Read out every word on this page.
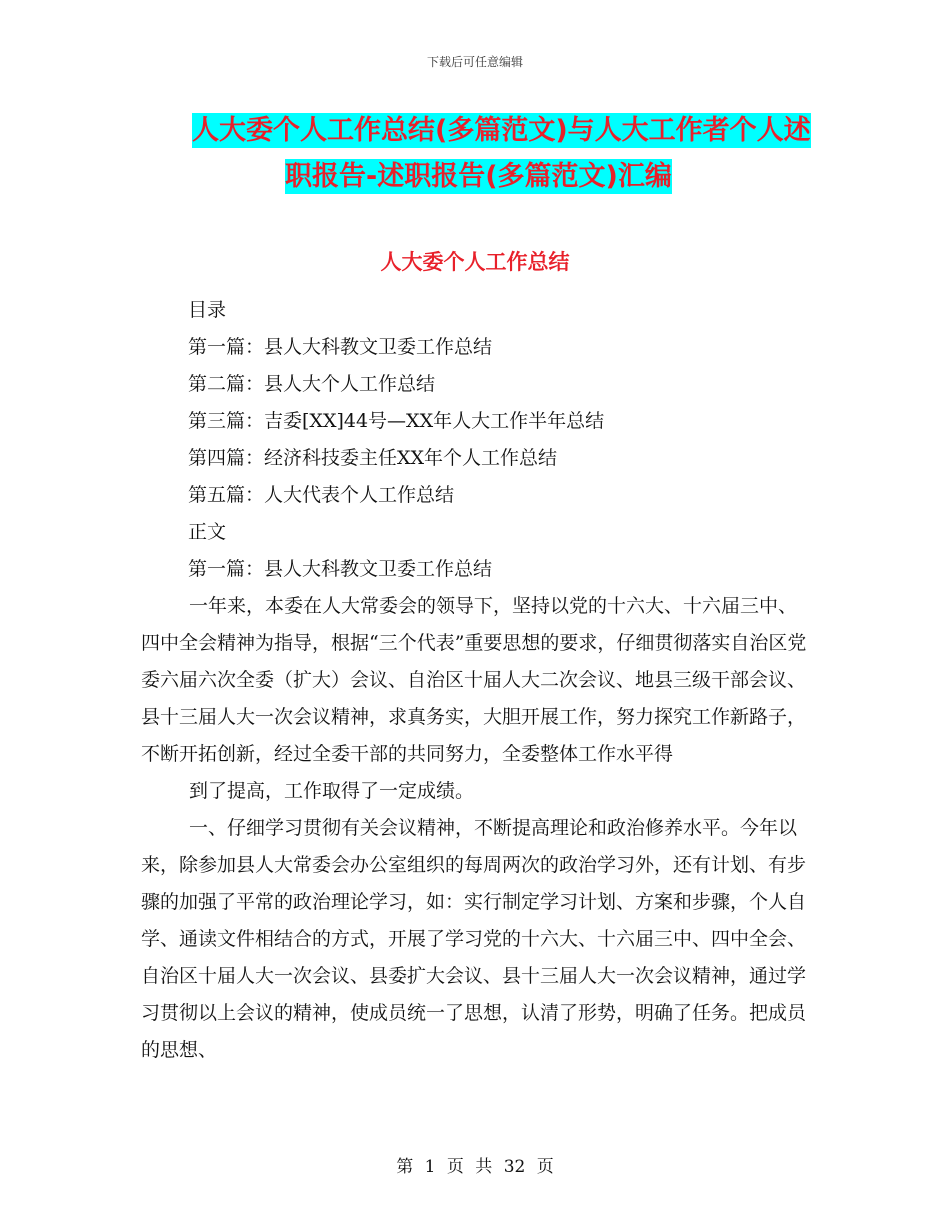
下载后可任意编辑
人大委个人工作总结(多篇范文)与人大工作者个人述
职报告-述职报告(多篇范文)汇编
人大委个人工作总结
目录
第一篇：县人大科教文卫委工作总结
第二篇：县人大个人工作总结
第三篇：吉委[XX]44号—XX年人大工作半年总结
第四篇：经济科技委主任XX年个人工作总结
第五篇：人大代表个人工作总结
正文
第一篇：县人大科教文卫委工作总结

一年来，本委在人大常委会的领导下，坚持以党的十六大、十六届三中、四中全会精神为指导，根据“三个代表”重要思想的要求，仔细贯彻落实自治区党委六届六次全委（扩大）会议、自治区十届人大二次会议、地县三级干部会议、县十三届人大一次会议精神，求真务实，大胆开展工作，努力探究工作新路子，不断开拓创新，经过全委干部的共同努力，全委整体工作水平得

到了提高，工作取得了一定成绩。

一、仔细学习贯彻有关会议精神，不断提高理论和政治修养水平。今年以来，除参加县人大常委会办公室组织的每周两次的政治学习外，还有计划、有步骤的加强了平常的政治理论学习，如：实行制定学习计划、方案和步骤，个人自学、通读文件相结合的方式，开展了学习党的十六大、十六届三中、四中全会、自治区十届人大一次会议、县委扩大会议、县十三届人大一次会议精神，通过学习贯彻以上会议的精神，使成员统一了思想，认清了形势，明确了任务。把成员的思想、

第 1 页 共 32 页
